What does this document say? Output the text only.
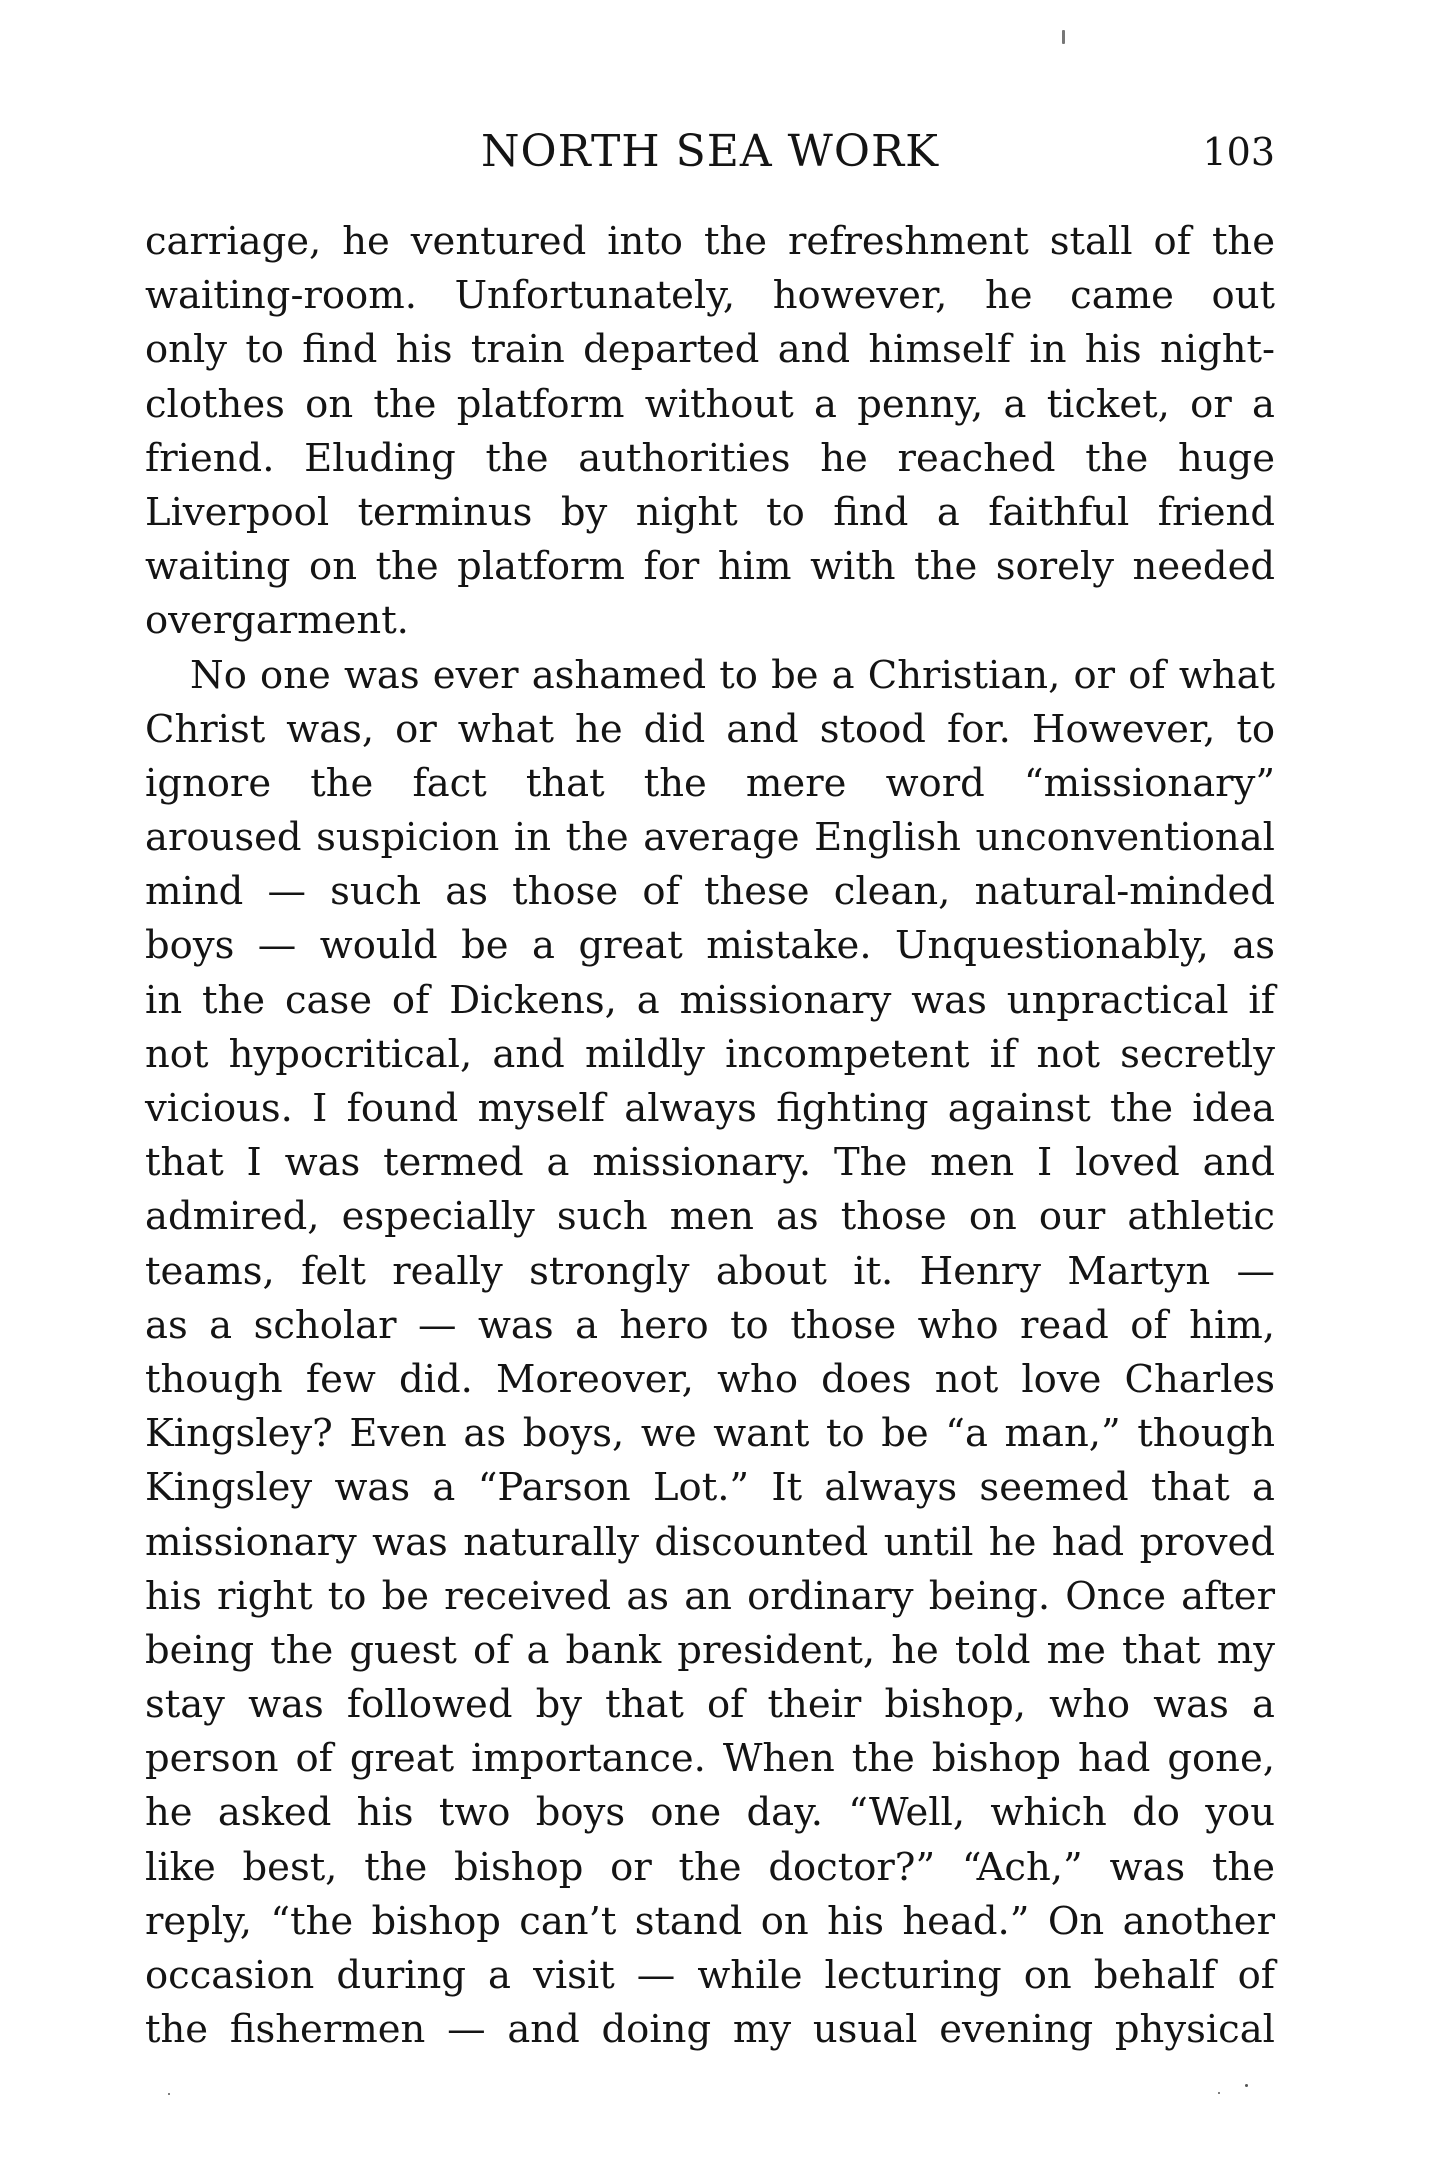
NORTH SEA WORK	103
carriage, he ventured into the refreshment stall of the
waiting-room. Unfortunately, however, he came out
only to find his train departed and himself in his night-
clothes on the platform without a penny, a ticket, or a
friend. Eluding the authorities he reached the huge
Liverpool terminus by night to find a faithful friend
waiting on the platform for him with the sorely needed
overgarment.
No one was ever ashamed to be a Christian, or of what
Christ was, or what he did and stood for. However, to
ignore the fact that the mere word “missionary”
aroused suspicion in the average English unconventional
mind — such as those of these clean, natural-minded
boys — would be a great mistake. Unquestionably, as
in the case of Dickens, a missionary was unpractical if
not hypocritical, and mildly incompetent if not secretly
vicious. I found myself always fighting against the idea
that I was termed a missionary. The men I loved and
admired, especially such men as those on our athletic
teams, felt really strongly about it. Henry Martyn —
as a scholar — was a hero to those who read of him,
though few did. Moreover, who does not love Charles
Kingsley? Even as boys, we want to be “a man,” though
Kingsley was a “Parson Lot.” It always seemed that a
missionary was naturally discounted until he had proved
his right to be received as an ordinary being. Once after
being the guest of a bank president, he told me that my
stay was followed by that of their bishop, who was a
person of great importance. When the bishop had gone,
he asked his two boys one day. “Well, which do you
like best, the bishop or the doctor?” “Ach,” was the
reply, “the bishop can’t stand on his head.” On another
occasion during a visit — while lecturing on behalf of
the fishermen — and doing my usual evening physical
